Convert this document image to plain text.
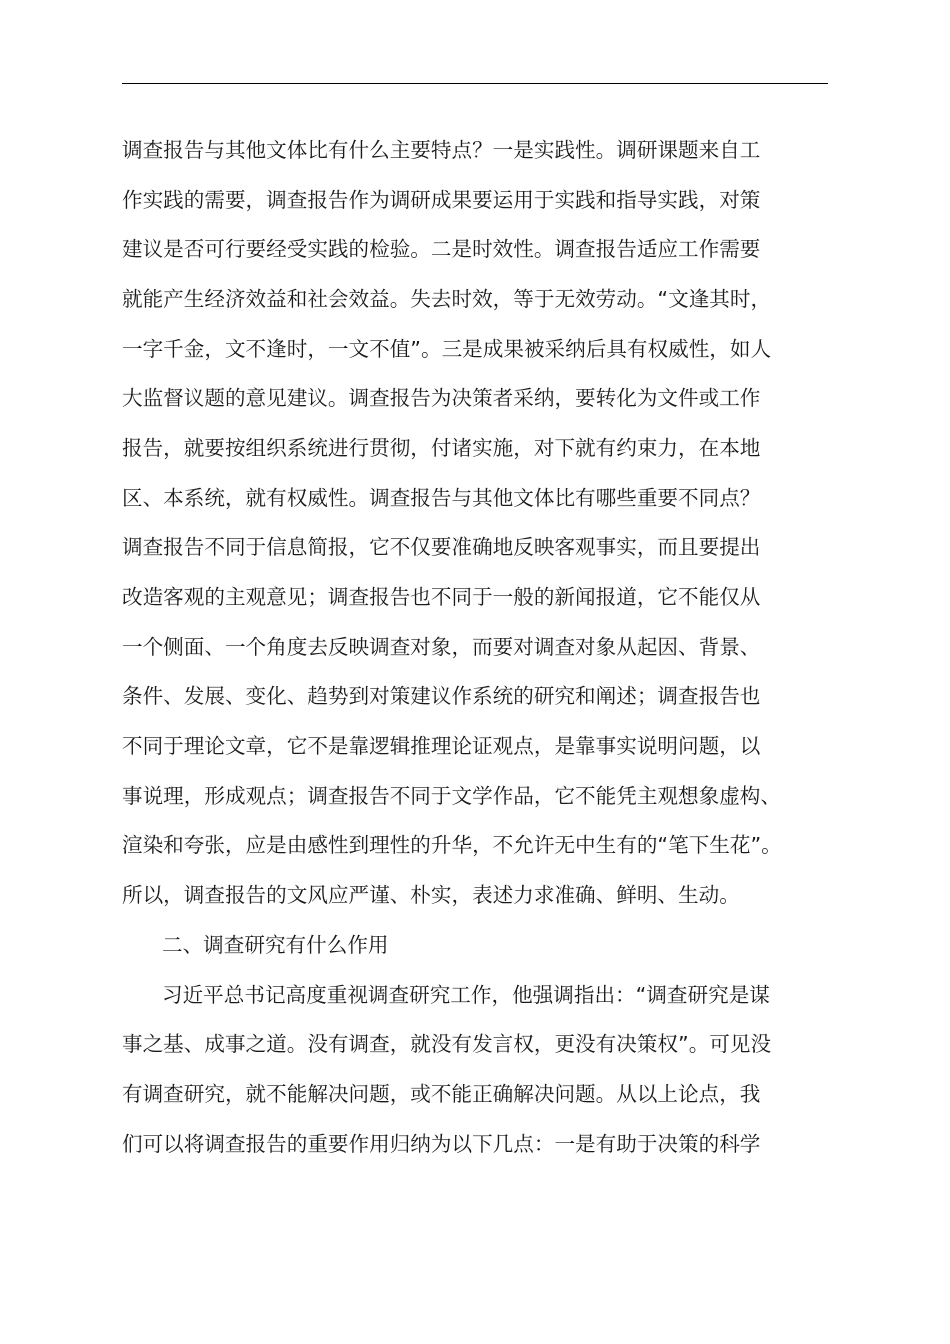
调查报告与其他文体比有什么主要特点？一是实践性。调研课题来自工
作实践的需要，调查报告作为调研成果要运用于实践和指导实践，对策
建议是否可行要经受实践的检验。二是时效性。调查报告适应工作需要
就能产生经济效益和社会效益。失去时效，等于无效劳动。“文逢其时，
一字千金，文不逢时，一文不值”。三是成果被采纳后具有权威性，如人
大监督议题的意见建议。调查报告为决策者采纳，要转化为文件或工作
报告，就要按组织系统进行贯彻，付诸实施，对下就有约束力，在本地
区、本系统，就有权威性。调查报告与其他文体比有哪些重要不同点？
调查报告不同于信息简报，它不仅要准确地反映客观事实，而且要提出
改造客观的主观意见；调查报告也不同于一般的新闻报道，它不能仅从
一个侧面、一个角度去反映调查对象，而要对调查对象从起因、背景、
条件、发展、变化、趋势到对策建议作系统的研究和阐述；调查报告也
不同于理论文章，它不是靠逻辑推理论证观点，是靠事实说明问题，以
事说理，形成观点；调查报告不同于文学作品，它不能凭主观想象虚构、
渲染和夸张，应是由感性到理性的升华，不允许无中生有的“笔下生花”。
所以，调查报告的文风应严谨、朴实，表述力求准确、鲜明、生动。
二、调查研究有什么作用
习近平总书记高度重视调查研究工作，他强调指出：“调查研究是谋
事之基、成事之道。没有调查，就没有发言权，更没有决策权”。可见没
有调查研究，就不能解决问题，或不能正确解决问题。从以上论点，我
们可以将调查报告的重要作用归纳为以下几点：一是有助于决策的科学
